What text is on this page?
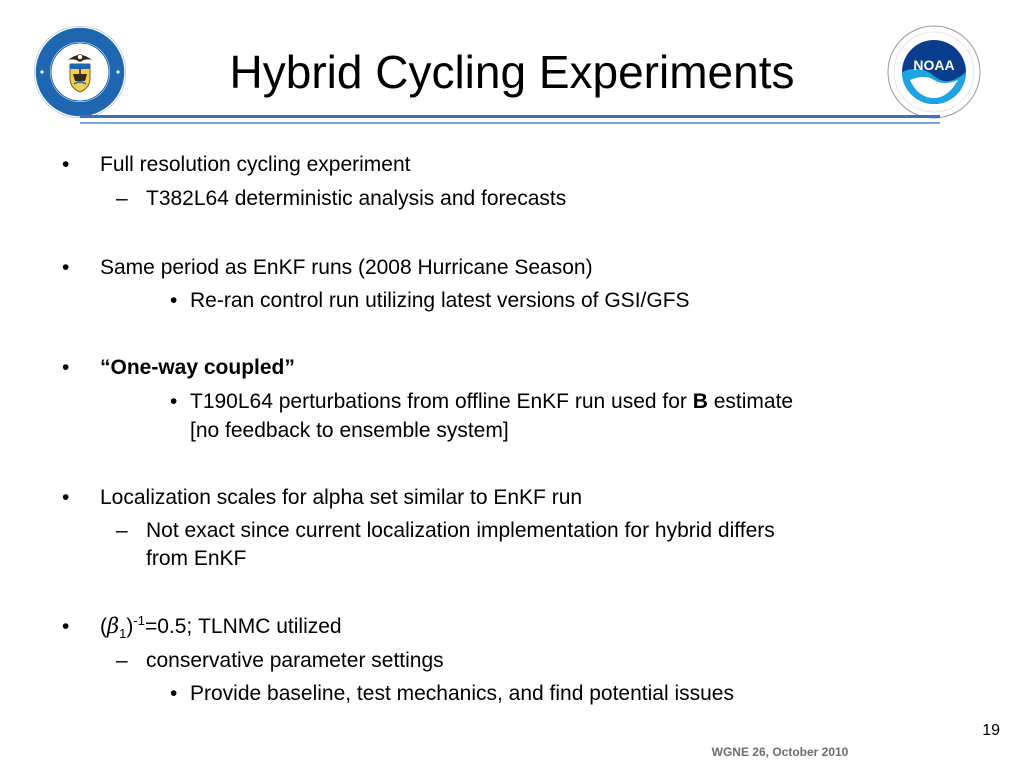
NOAA
Hybrid Cycling Experiments
• Full resolution cycling experiment
– T382L64 deterministic analysis and forecasts
• Same period as EnKF runs (2008 Hurricane Season)
• Re-ran control run utilizing latest versions of GSI/GFS
• “One-way coupled”
• T190L64 perturbations from offline EnKF run used for B estimate
[no feedback to ensemble system]
• Localization scales for alpha set similar to EnKF run
– Not exact since current localization implementation for hybrid differs
from EnKF
• $(\beta_1)^{-1}=0.5$; TLNMC utilized
– conservative parameter settings
• Provide baseline, test mechanics, and find potential issues
19
WGNE 26, October 2010
